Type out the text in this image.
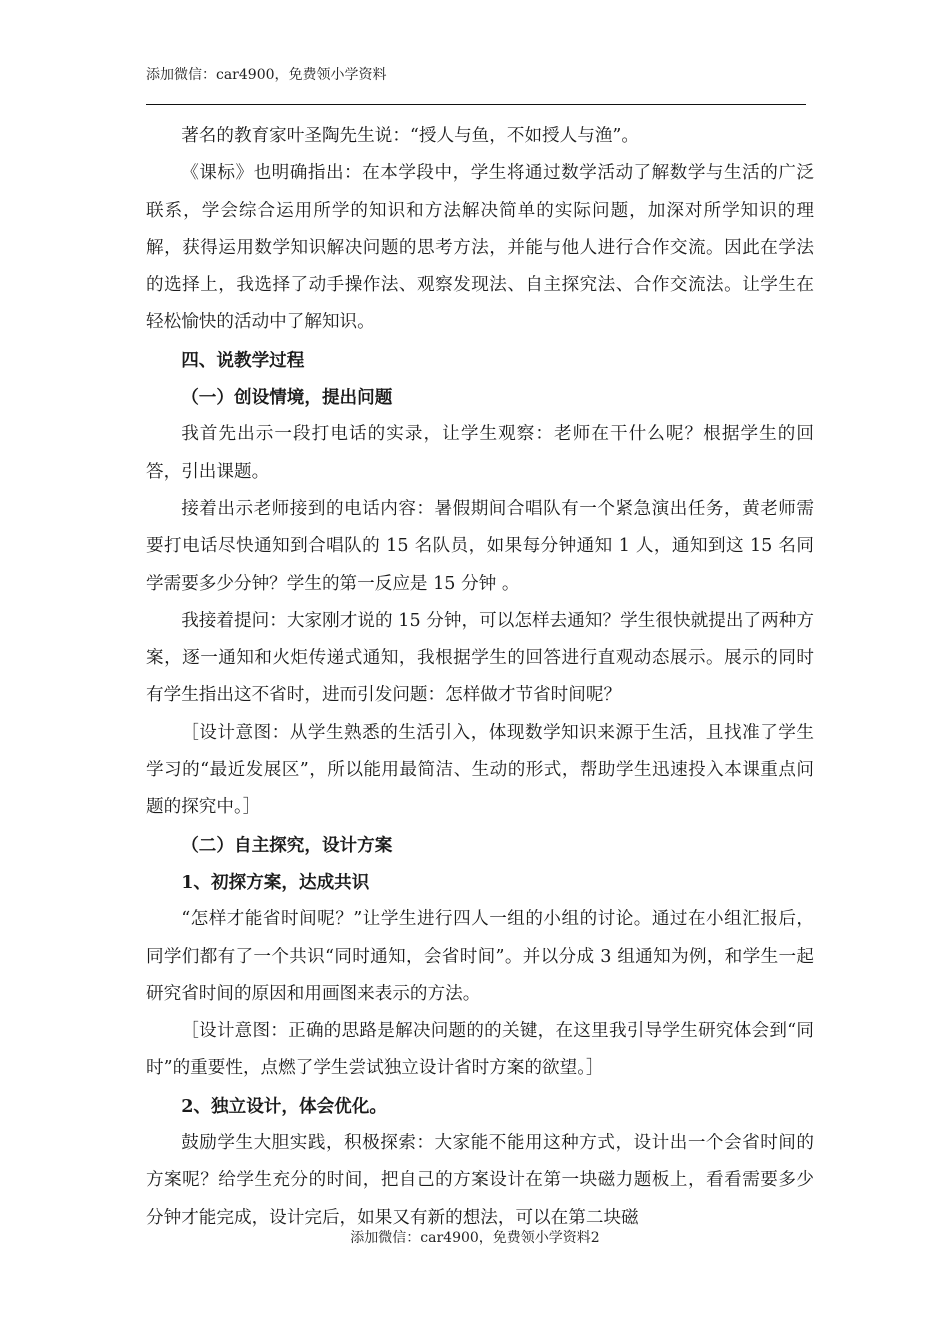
添加微信：car4900，免费领小学资料

著名的教育家叶圣陶先生说：“授人与鱼，不如授人与渔”。

《课标》也明确指出：在本学段中，学生将通过数学活动了解数学与生活的广泛联系，学会综合运用所学的知识和方法解决简单的实际问题，加深对所学知识的理解，获得运用数学知识解决问题的思考方法，并能与他人进行合作交流。因此在学法的选择上，我选择了动手操作法、观察发现法、自主探究法、合作交流法。让学生在轻松愉快的活动中了解知识。

四、说教学过程

（一）创设情境，提出问题

我首先出示一段打电话的实录，让学生观察：老师在干什么呢？根据学生的回答，引出课题。

接着出示老师接到的电话内容：暑假期间合唱队有一个紧急演出任务，黄老师需要打电话尽快通知到合唱队的 15 名队员，如果每分钟通知 1 人，通知到这 15 名同学需要多少分钟？学生的第一反应是 15 分钟 。

我接着提问：大家刚才说的 15 分钟，可以怎样去通知？学生很快就提出了两种方案，逐一通知和火炬传递式通知，我根据学生的回答进行直观动态展示。展示的同时有学生指出这不省时，进而引发问题：怎样做才节省时间呢？

［设计意图：从学生熟悉的生活引入，体现数学知识来源于生活，且找准了学生学习的“最近发展区”，所以能用最简洁、生动的形式，帮助学生迅速投入本课重点问题的探究中。］

（二）自主探究，设计方案

1、初探方案，达成共识

“怎样才能省时间呢？”让学生进行四人一组的小组的讨论。通过在小组汇报后，同学们都有了一个共识“同时通知，会省时间”。并以分成 3 组通知为例，和学生一起研究省时间的原因和用画图来表示的方法。

［设计意图：正确的思路是解决问题的的关键，在这里我引导学生研究体会到“同时”的重要性，点燃了学生尝试独立设计省时方案的欲望。］

2、独立设计，体会优化。

鼓励学生大胆实践，积极探索：大家能不能用这种方式，设计出一个会省时间的方案呢？给学生充分的时间，把自己的方案设计在第一块磁力题板上，看看需要多少分钟才能完成，设计完后，如果又有新的想法，可以在第二块磁

添加微信：car4900，免费领小学资料2
